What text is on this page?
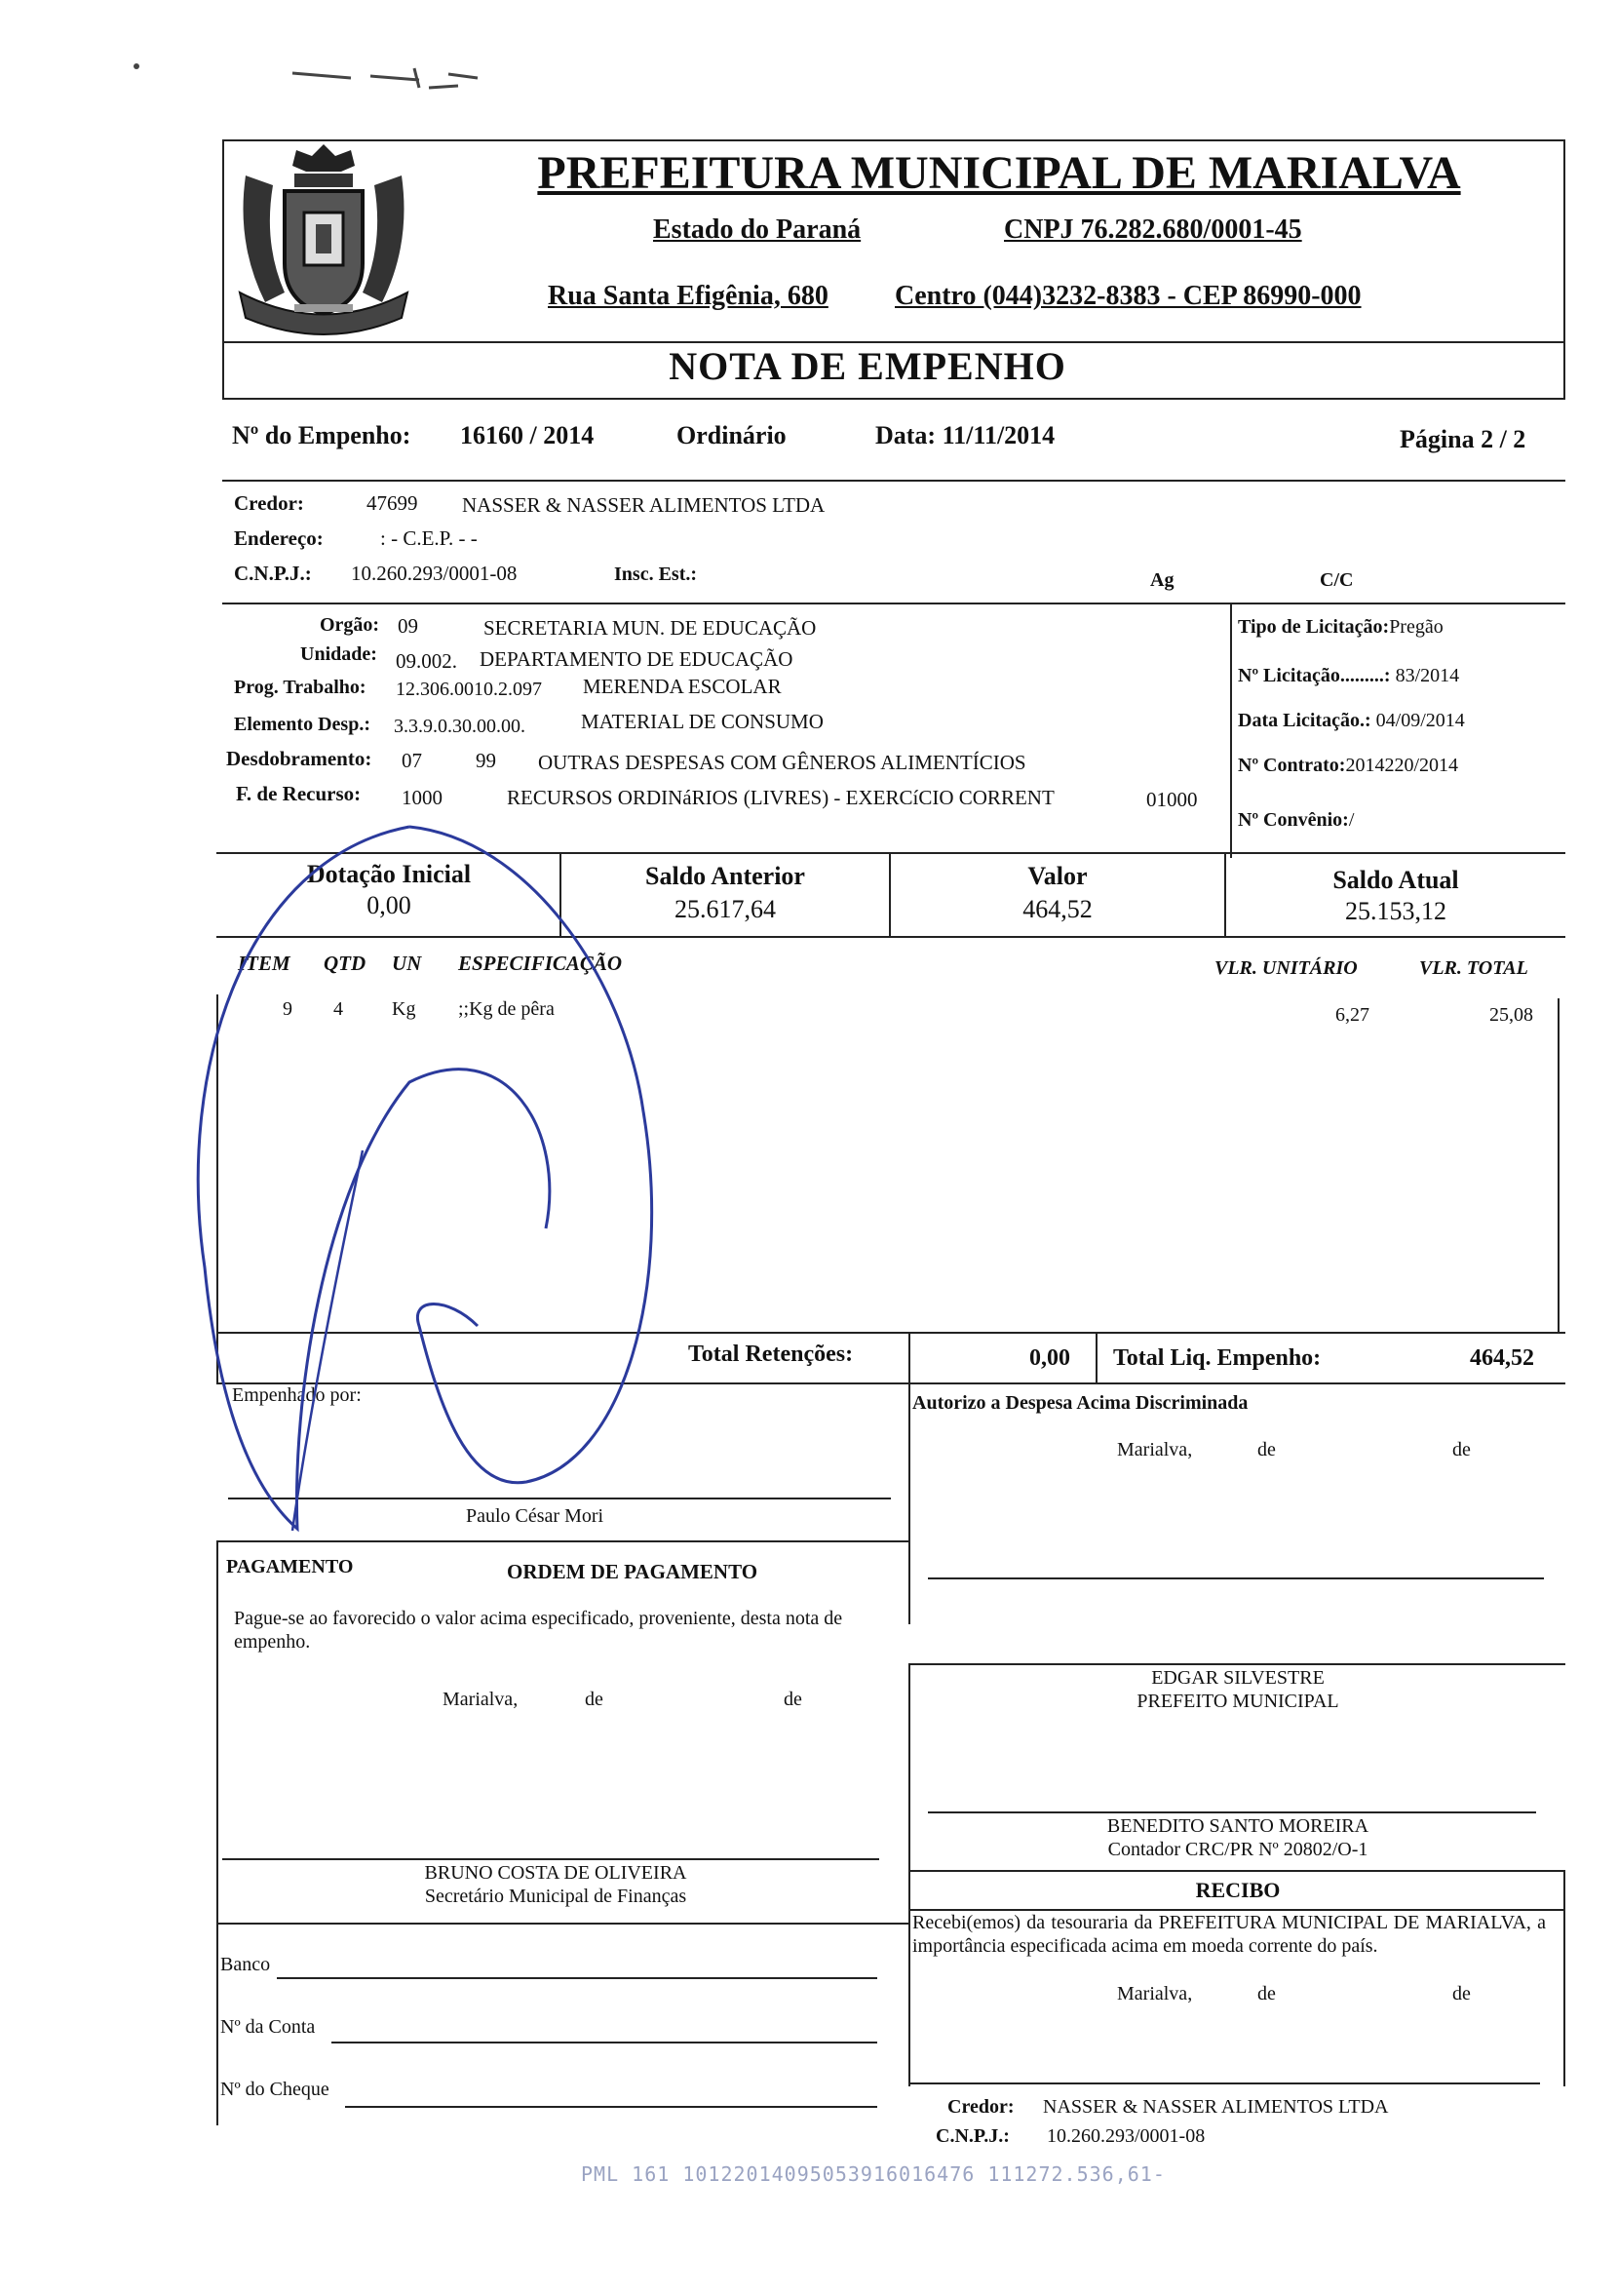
PREFEITURA MUNICIPAL DE MARIALVA
Estado do Paraná	CNPJ 76.282.680/0001-45
Rua Santa Efigênia, 680 Centro (044)3232-8383 - CEP 86990-000
NOTA DE EMPENHO
Nº do Empenho: 16160 / 2014	Ordinário	Data: 11/11/2014	Página 2 / 2
Credor:	47699 NASSER & NASSER ALIMENTOS LTDA
Endereço:	: - C.E.P. - -
C.N.P.J.: 10.260.293/0001-08	Insc. Est.:	Ag	C/C
Orgão: 09	SECRETARIA MUN. DE EDUCAÇÃO
Unidade: 09.002. DEPARTAMENTO DE EDUCAÇÃO
Prog. Trabalho: 12.306.0010.2.097 MERENDA ESCOLAR
Elemento Desp.: 3.3.9.0.30.00.00.	MATERIAL DE CONSUMO
Desdobramento: 07	99 OUTRAS DESPESAS COM GÊNEROS ALIMENTÍCIOS
F. de Recurso: 1000	RECURSOS ORDINáRIOS (LIVRES) - EXERCíCIO CORRENT	01000
Tipo de Licitação:Pregão
Nº Licitação.........: 83/2014
Data Licitação.: 04/09/2014
Nº Contrato:2014220/2014
Nº Convênio:/
Dotação Inicial
0,00
Saldo Anterior
25.617,64
Valor
464,52
Saldo Atual
25.153,12
ITEM QTD UN ESPECIFICAÇÃO	VLR. UNITÁRIO	VLR. TOTAL
9 4	Kg ;;Kg de pêra	6,27	25,08
Total Retenções:	0,00 Total Liq. Empenho:	464,52
Empenhado por:
Paulo César Mori
Autorizo a Despesa Acima Discriminada
Marialva,	de	de
PAGAMENTO	ORDEM DE PAGAMENTO
Pague-se ao favorecido o valor acima especificado, proveniente, desta nota de empenho.
Marialva,	de	de
EDGAR SILVESTRE
PREFEITO MUNICIPAL
BENEDITO SANTO MOREIRA
Contador CRC/PR Nº 20802/O-1
BRUNO COSTA DE OLIVEIRA
Secretário Municipal de Finanças	RECIBO
Recebi(emos) da tesouraria da PREFEITURA MUNICIPAL DE MARIALVA, a importância especificada acima em moeda corrente do país.
Marialva,	de	de
Banco
Nº da Conta
Nº do Cheque
Credor: NASSER & NASSER ALIMENTOS LTDA
C.N.P.J.: 10.260.293/0001-08
PML 161 10122014095053916016476 111272.536,61-
